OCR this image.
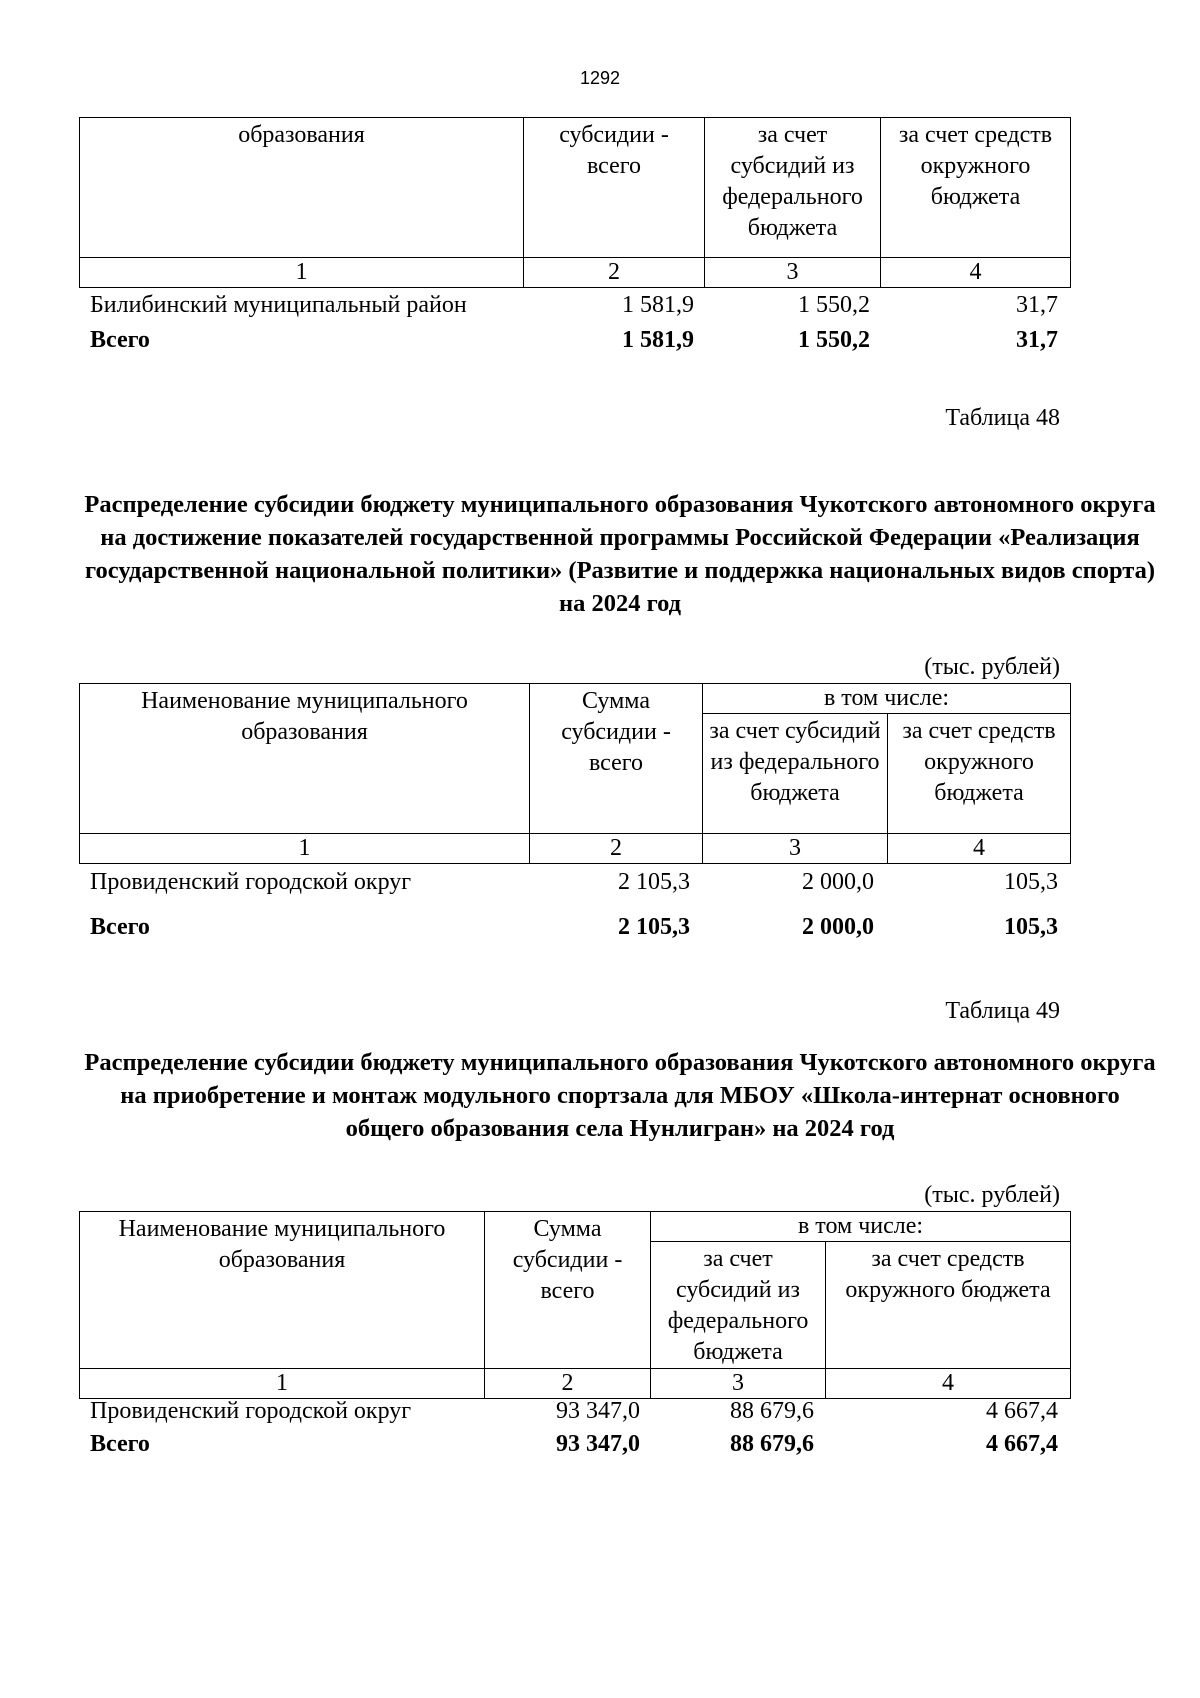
1292
образования	субсидии - всего	за счет субсидий из федерального бюджета	за счет средств окружного бюджета
1	2	3	4
Билибинский муниципальный район	1 581,9	1 550,2	31,7
Всего	1 581,9	1 550,2	31,7
Таблица 48
Распределение субсидии бюджету муниципального образования Чукотского автономного округа на достижение показателей государственной программы Российской Федерации «Реализация государственной национальной политики» (Развитие и поддержка национальных видов спорта) на 2024 год
(тыс. рублей)
Наименование муниципального образования	Сумма субсидии - всего	в том числе:	
		за счет субсидий из федерального бюджета	за счет средств окружного бюджета
1	2	3	4
Провиденский городской округ	2 105,3	2 000,0	105,3
Всего	2 105,3	2 000,0	105,3
Таблица 49
Распределение субсидии бюджету муниципального образования Чукотского автономного округа на приобретение и монтаж модульного спортзала для МБОУ «Школа-интернат основного общего образования села Нунлигран» на 2024 год
(тыс. рублей)
Наименование муниципального образования	Сумма субсидии - всего	в том числе:	
		за счет субсидий из федерального бюджета	за счет средств окружного бюджета
1	2	3	4
Провиденский городской округ	93 347,0	88 679,6	4 667,4
Всего	93 347,0	88 679,6	4 667,4
